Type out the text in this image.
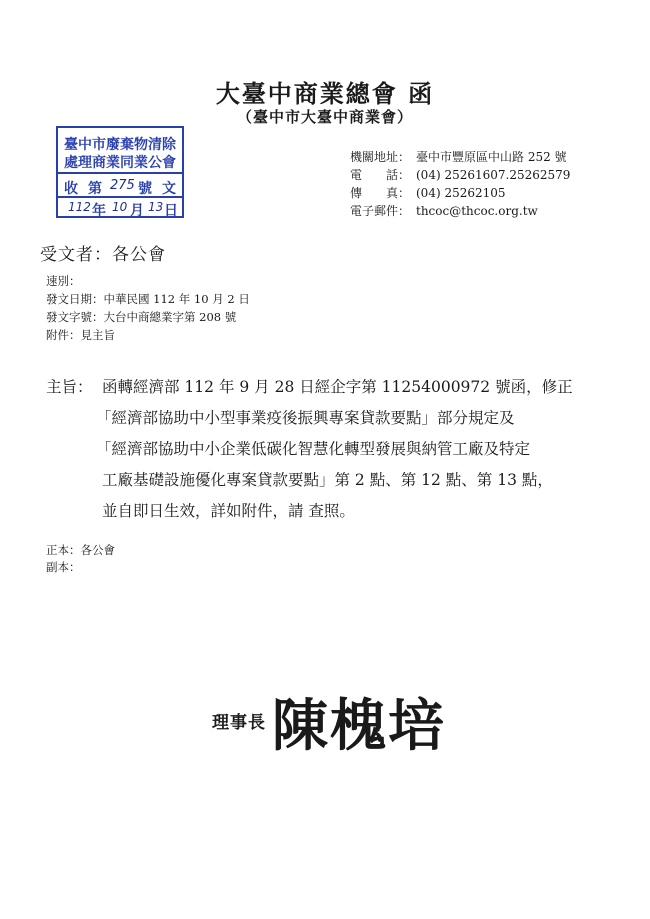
大臺中商業總會 函
（臺中市大臺中商業會）
臺中市廢棄物清除
處理商業同業公會
收 第 275 號 文
112 年 10 月 13 日
機關地址： 臺中市豐原區中山路 252 號
電　　話： (04) 25261607.25262579
傳　　真： (04) 25262105
電子郵件： thcoc@thcoc.org.tw
受文者：各公會
速別：
發文日期：中華民國 112 年 10 月 2 日
發文字號：大台中商總業字第 208 號
附件：見主旨
主旨： 函轉經濟部 112 年 9 月 28 日經企字第 11254000972 號函，修正
「經濟部協助中小型事業疫後振興專案貸款要點」部分規定及
「經濟部協助中小企業低碳化智慧化轉型發展與納管工廠及特定
工廠基礎設施優化專案貸款要點」第 2 點、第 12 點、第 13 點，
並自即日生效，詳如附件，請 查照。
正本：各公會
副本：
理事長 陳槐培
